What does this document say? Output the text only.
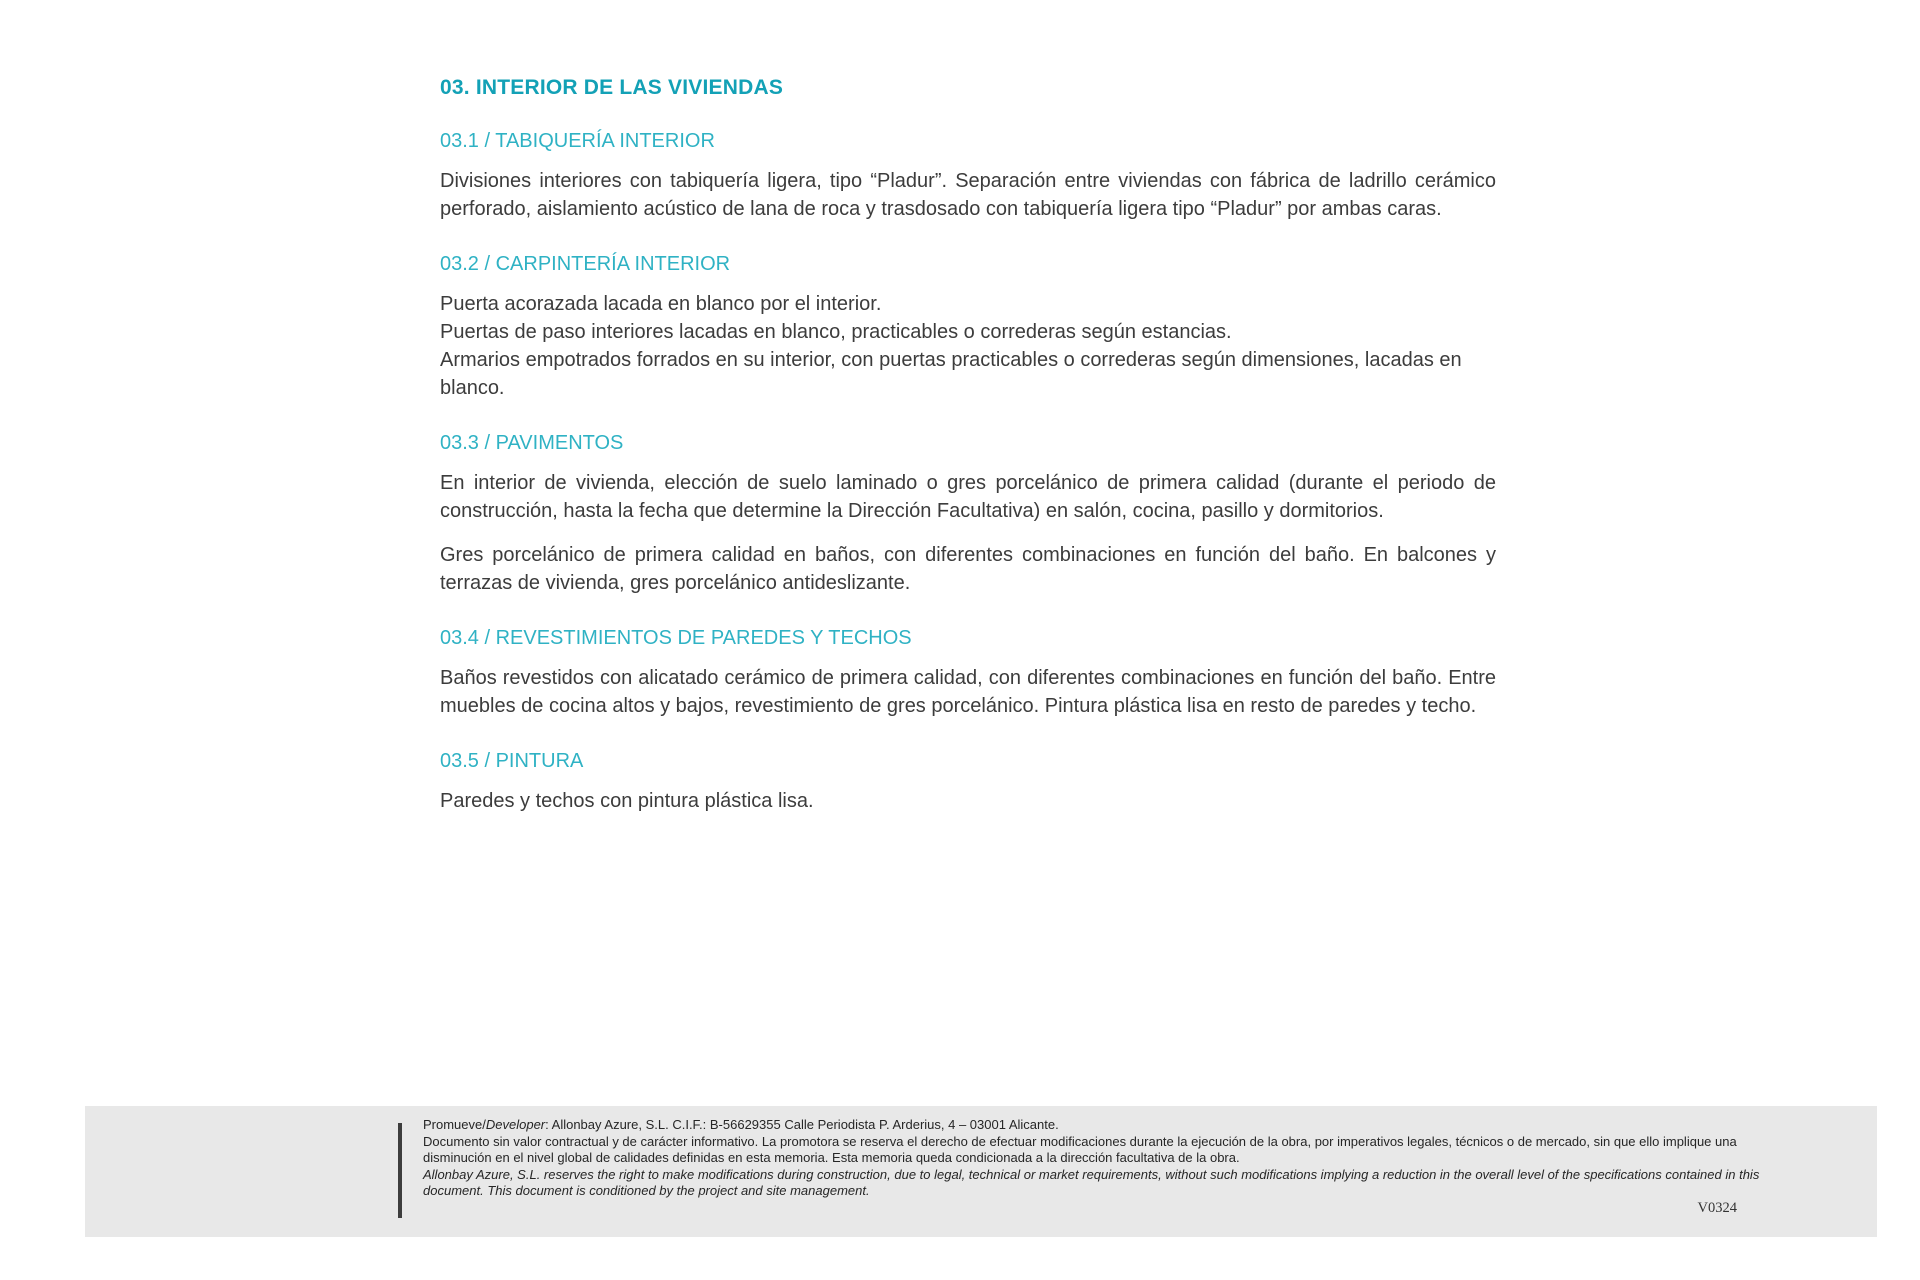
03. INTERIOR DE LAS VIVIENDAS
03.1 / TABIQUERÍA INTERIOR

Divisiones interiores con tabiquería ligera, tipo “Pladur”. Separación entre viviendas con fábrica de ladrillo cerámico perforado, aislamiento acústico de lana de roca y trasdosado con tabiquería ligera tipo “Pladur” por ambas caras.

03.2 / CARPINTERÍA INTERIOR

Puerta acorazada lacada en blanco por el interior.

Puertas de paso interiores lacadas en blanco, practicables o correderas según estancias.

Armarios empotrados forrados en su interior, con puertas practicables o correderas según dimensiones, lacadas en blanco.

03.3 / PAVIMENTOS

En interior de vivienda, elección de suelo laminado o gres porcelánico de primera calidad (durante el periodo de construcción, hasta la fecha que determine la Dirección Facultativa) en salón, cocina, pasillo y dormitorios.

Gres porcelánico de primera calidad en baños, con diferentes combinaciones en función del baño. En balcones y terrazas de vivienda, gres porcelánico antideslizante.

03.4 / REVESTIMIENTOS DE PAREDES Y TECHOS

Baños revestidos con alicatado cerámico de primera calidad, con diferentes combinaciones en función del baño. Entre muebles de cocina altos y bajos, revestimiento de gres porcelánico. Pintura plástica lisa en resto de paredes y techo.

03.5 / PINTURA

Paredes y techos con pintura plástica lisa.

Promueve/Developer: Allonbay Azure, S.L. C.I.F.: B-56629355 Calle Periodista P. Arderius, 4 – 03001 Alicante.

Documento sin valor contractual y de carácter informativo. La promotora se reserva el derecho de efectuar modificaciones durante la ejecución de la obra, por imperativos legales, técnicos o de mercado, sin que ello implique una disminución en el nivel global de calidades definidas en esta memoria. Esta memoria queda condicionada a la dirección facultativa de la obra.

Allonbay Azure, S.L. reserves the right to make modifications during construction, due to legal, technical or market requirements, without such modifications implying a reduction in the overall level of the specifications contained in this document. This document is conditioned by the project and site management.

V0324
